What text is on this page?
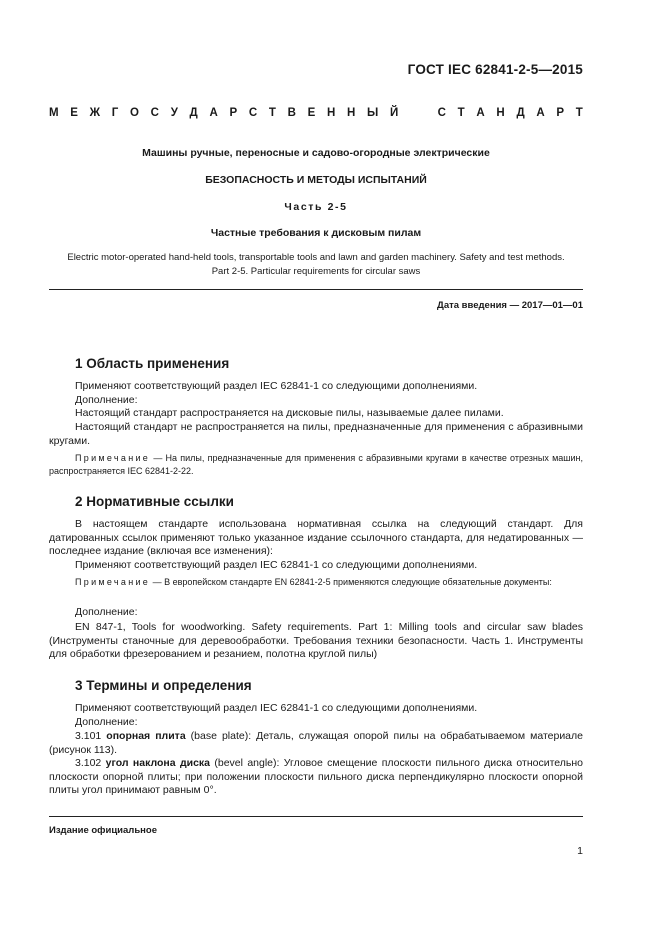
ГОСТ IEC 62841-2-5—2015
М Е Ж Г О С У Д А Р С Т В Е Н Н Ы Й	С Т А Н Д А Р Т
Машины ручные, переносные и садово-огородные электрические
БЕЗОПАСНОСТЬ И МЕТОДЫ ИСПЫТАНИЙ
Часть 2-5
Частные требования к дисковым пилам
Electric motor-operated hand-held tools, transportable tools and lawn and garden machinery. Safety and test methods.
Part 2-5. Particular requirements for circular saws
Дата введения — 2017—01—01
1 Область применения
Применяют соответствующий раздел IEC 62841-1 со следующими дополнениями.
Дополнение:
Настоящий стандарт распространяется на дисковые пилы, называемые далее пилами.
Настоящий стандарт не распространяется на пилы, предназначенные для применения с абразивными кругами.
Примечание — На пилы, предназначенные для применения с абразивными кругами в качестве отрезных машин, распространяется IEC 62841-2-22.
2 Нормативные ссылки
В настоящем стандарте использована нормативная ссылка на следующий стандарт. Для датированных ссылок применяют только указанное издание ссылочного стандарта, для недатированных — последнее издание (включая все изменения):
Применяют соответствующий раздел IEC 62841-1 со следующими дополнениями.
Примечание — В европейском стандарте EN 62841-2-5 применяются следующие обязательные документы:
Дополнение:
EN 847-1, Tools for woodworking. Safety requirements. Part 1: Milling tools and circular saw blades (Инструменты станочные для деревообработки. Требования техники безопасности. Часть 1. Инструменты для обработки фрезерованием и резанием, полотна круглой пилы)
3 Термины и определения
Применяют соответствующий раздел IEC 62841-1 со следующими дополнениями.
Дополнение:
3.101 опорная плита (base plate): Деталь, служащая опорой пилы на обрабатываемом материале (рисунок 113).
3.102 угол наклона диска (bevel angle): Угловое смещение плоскости пильного диска относительно плоскости опорной плиты; при положении плоскости пильного диска перпендикулярно плоскости опорной плиты угол принимают равным 0°.
Издание официальное
1
